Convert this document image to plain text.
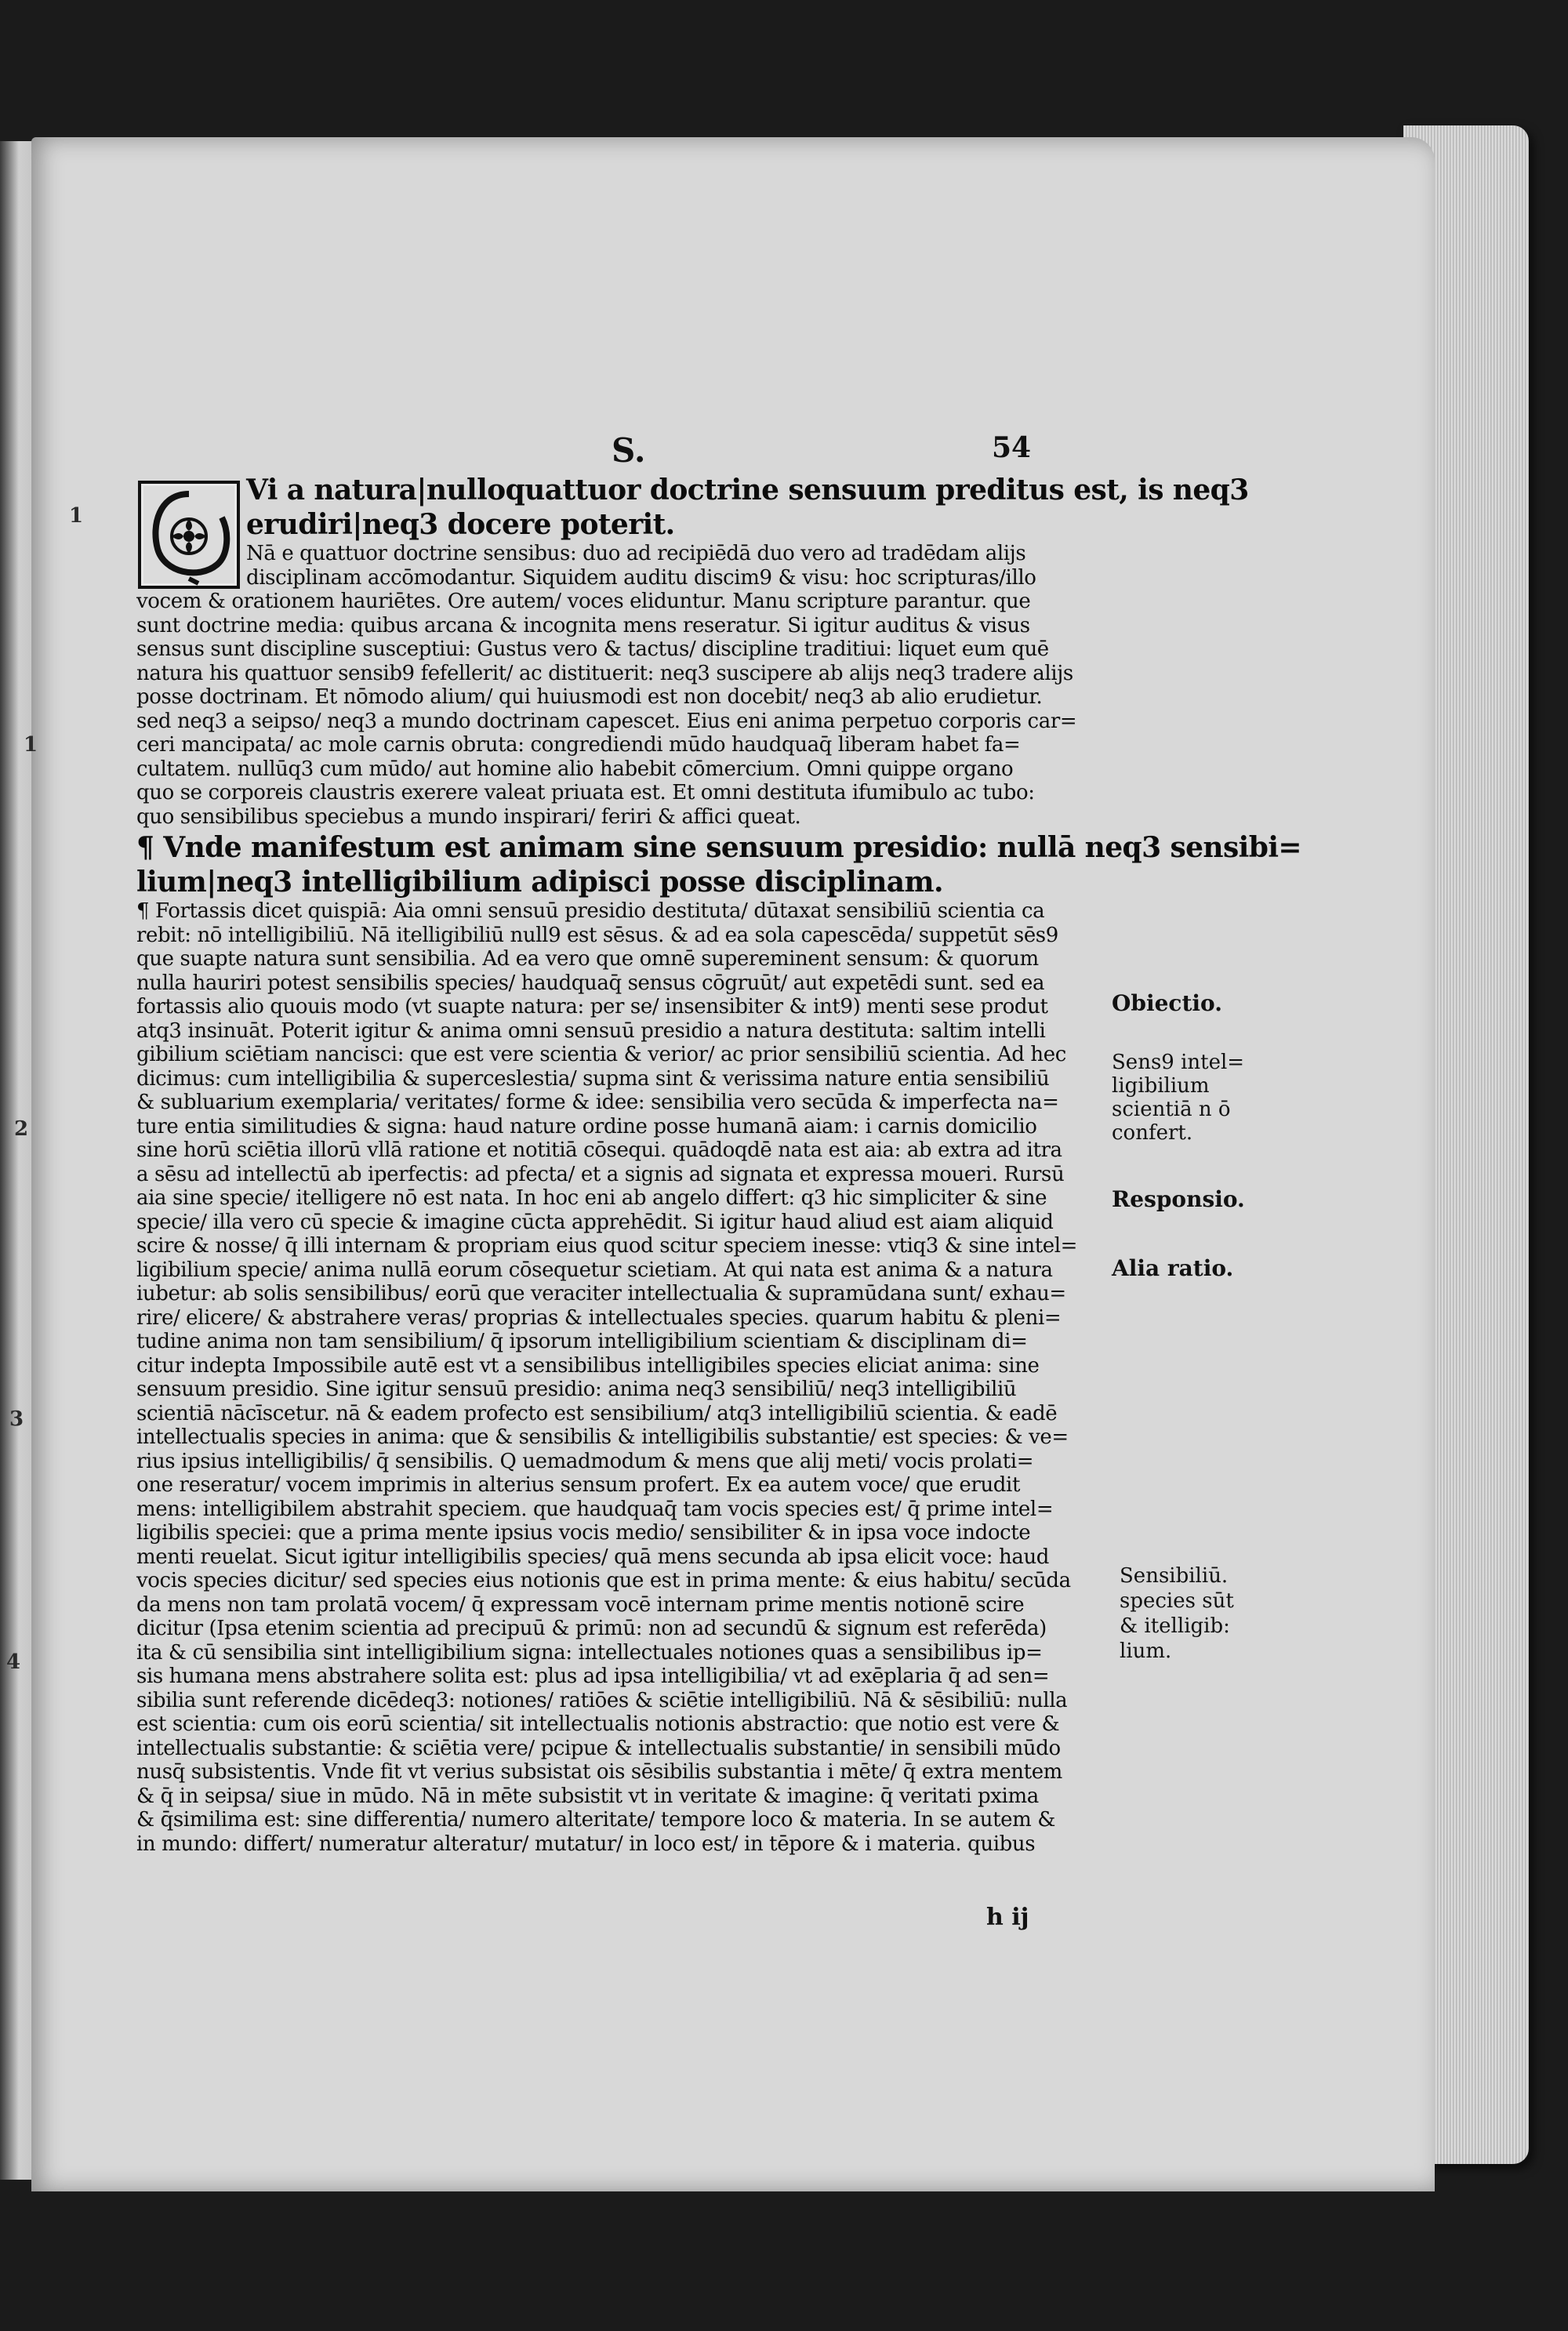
S.	54
Vi a natura|nulloquattuor doctrine sensuum preditus est, is neq3
erudiri|neq3 docere poterit.
Nā e quattuor doctrine sensibus: duo ad recipiēdā duo vero ad tradēdam alijs
disciplinam accōmodantur. Siquidem auditu discim9 & visu: hoc scripturas/illo
vocem & orationem hauriētes. Ore autem/ voces eliduntur. Manu scripture parantur. que
sunt doctrine media: quibus arcana & incognita mens reseratur. Si igitur auditus & visus
sensus sunt discipline susceptiui: Gustus vero & tactus/ discipline traditiui: liquet eum quē
natura his quattuor sensib9 fefellerit/ ac distituerit: neq3 suscipere ab alijs neq3 tradere alijs
posse doctrinam. Et nōmodo alium/ qui huiusmodi est non docebit/ neq3 ab alio erudietur.
sed neq3 a seipso/ neq3 a mundo doctrinam capescet. Eius eni anima perpetuo corporis car=
ceri mancipata/ ac mole carnis obruta: congrediendi mūdo haudquaq̄ liberam habet fa=
cultatem. nullūq3 cum mūdo/ aut homine alio habebit cōmercium. Omni quippe organo
quo se corporeis claustris exerere valeat priuata est. Et omni destituta ifumibulo ac tubo:
quo sensibilibus speciebus a mundo inspirari/ feriri & affici queat.
¶ Vnde manifestum est animam sine sensuum presidio: nullā neq3 sensibi=
lium|neq3 intelligibilium adipisci posse disciplinam.
¶ Fortassis dicet quispiā: Aia omni sensuū presidio destituta/ dūtaxat sensibiliū scientia ca
rebit: nō intelligibiliū. Nā itelligibiliū null9 est sēsus. & ad ea sola capescēda/ suppetūt sēs9
que suapte natura sunt sensibilia. Ad ea vero que omnē supereminent sensum: & quorum
nulla hauriri potest sensibilis species/ haudquaq̄ sensus cōgruūt/ aut expetēdi sunt. sed ea
fortassis alio quouis modo (vt suapte natura: per se/ insensibiter & int9) menti sese produt
atq3 insinuāt. Poterit igitur & anima omni sensuū presidio a natura destituta: saltim intelli
gibilium sciētiam nancisci: que est vere scientia & verior/ ac prior sensibiliū scientia. Ad hec
dicimus: cum intelligibilia & superceslestia/ supma sint & verissima nature entia sensibiliū
& subluarium exemplaria/ veritates/ forme & idee: sensibilia vero secūda & imperfecta na=
ture entia similitudies & signa: haud nature ordine posse humanā aiam: i carnis domicilio
sine horū sciētia illorū vllā ratione et notitiā cōsequi. quādoqdē nata est aia: ab extra ad itra
a sēsu ad intellectū ab iperfectis: ad pfecta/ et a signis ad signata et expressa moueri. Rursū
aia sine specie/ itelligere nō est nata. In hoc eni ab angelo differt: q3 hic simpliciter & sine
specie/ illa vero cū specie & imagine cūcta apprehēdit. Si igitur haud aliud est aiam aliquid
scire & nosse/ q̄ illi internam & propriam eius quod scitur speciem inesse: vtiq3 & sine intel=
ligibilium specie/ anima nullā eorum cōsequetur scietiam. At qui nata est anima & a natura
iubetur: ab solis sensibilibus/ eorū que veraciter intellectualia & supramūdana sunt/ exhau=
rire/ elicere/ & abstrahere veras/ proprias & intellectuales species. quarum habitu & pleni=
tudine anima non tam sensibilium/ q̄ ipsorum intelligibilium scientiam & disciplinam di=
citur indepta Impossibile autē est vt a sensibilibus intelligibiles species eliciat anima: sine
sensuum presidio. Sine igitur sensuū presidio: anima neq3 sensibiliū/ neq3 intelligibiliū
scientiā nācīscetur. nā & eadem profecto est sensibilium/ atq3 intelligibiliū scientia. & eadē
intellectualis species in anima: que & sensibilis & intelligibilis substantie/ est species: & ve=
rius ipsius intelligibilis/ q̄ sensibilis. Q uemadmodum & mens que alij meti/ vocis prolati=
one reseratur/ vocem imprimis in alterius sensum profert. Ex ea autem voce/ que erudit
mens: intelligibilem abstrahit speciem. que haudquaq̄ tam vocis species est/ q̄ prime intel=
ligibilis speciei: que a prima mente ipsius vocis medio/ sensibiliter & in ipsa voce indocte
menti reuelat. Sicut igitur intelligibilis species/ quā mens secunda ab ipsa elicit voce: haud
vocis species dicitur/ sed species eius notionis que est in prima mente: & eius habitu/ secūda
da mens non tam prolatā vocem/ q̄ expressam vocē internam prime mentis notionē scire
dicitur (Ipsa etenim scientia ad precipuū & primū: non ad secundū & signum est referēda)
ita & cū sensibilia sint intelligibilium signa: intellectuales notiones quas a sensibilibus ip=
sis humana mens abstrahere solita est: plus ad ipsa intelligibilia/ vt ad exēplaria q̄ ad sen=
sibilia sunt referende dicēdeq3: notiones/ ratiōes & sciētie intelligibiliū. Nā & sēsibiliū: nulla
est scientia: cum ois eorū scientia/ sit intellectualis notionis abstractio: que notio est vere &
intellectualis substantie: & sciētia vere/ pcipue & intellectualis substantie/ in sensibili mūdo
nusq̄ subsistentis. Vnde fit vt verius subsistat ois sēsibilis substantia i mēte/ q̄ extra mentem
& q̄ in seipsa/ siue in mūdo. Nā in mēte subsistit vt in veritate & imagine: q̄ veritati pxima
& q̄similima est: sine differentia/ numero alteritate/ tempore loco & materia. In se autem &
in mundo: differt/ numeratur alteratur/ mutatur/ in loco est/ in tēpore & i materia. quibus
1
1
2
3
4
Obiectio.
Sens9 intel=
ligibilium
scientiā n ō
confert.
Responsio.
Alia ratio.
Sensibiliū.
species sūt
& itelligib:
lium.
h ij
